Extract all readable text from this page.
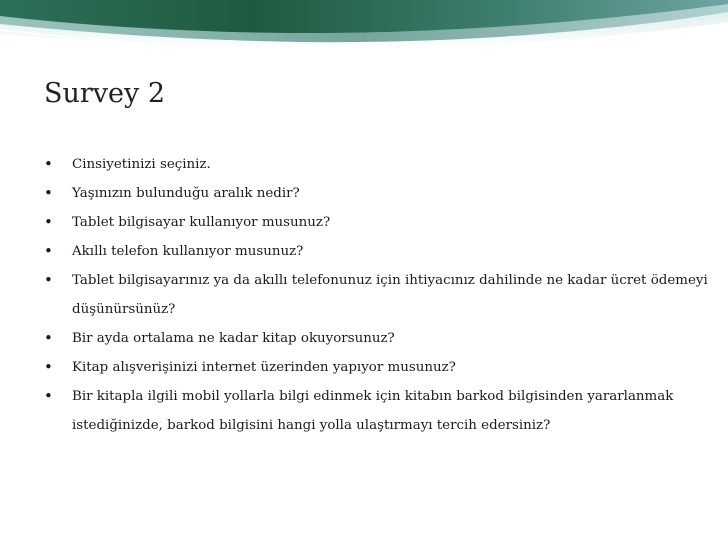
Survey 2
• Cinsiyetinizi seçiniz.
• Yaşınızın bulunduğu aralık nedir?
• Tablet bilgisayar kullanıyor musunuz?
• Akıllı telefon kullanıyor musunuz?
• Tablet bilgisayarınız ya da akıllı telefonunuz için ihtiyacınız dahilinde ne kadar ücret ödemeyi düşünürsünüz?
• Bir ayda ortalama ne kadar kitap okuyorsunuz?
• Kitap alışverişinizi internet üzerinden yapıyor musunuz?
• Bir kitapla ilgili mobil yollarla bilgi edinmek için kitabın barkod bilgisinden yararlanmak istediğinizde, barkod bilgisini hangi yolla ulaştırmayı tercih edersiniz?
